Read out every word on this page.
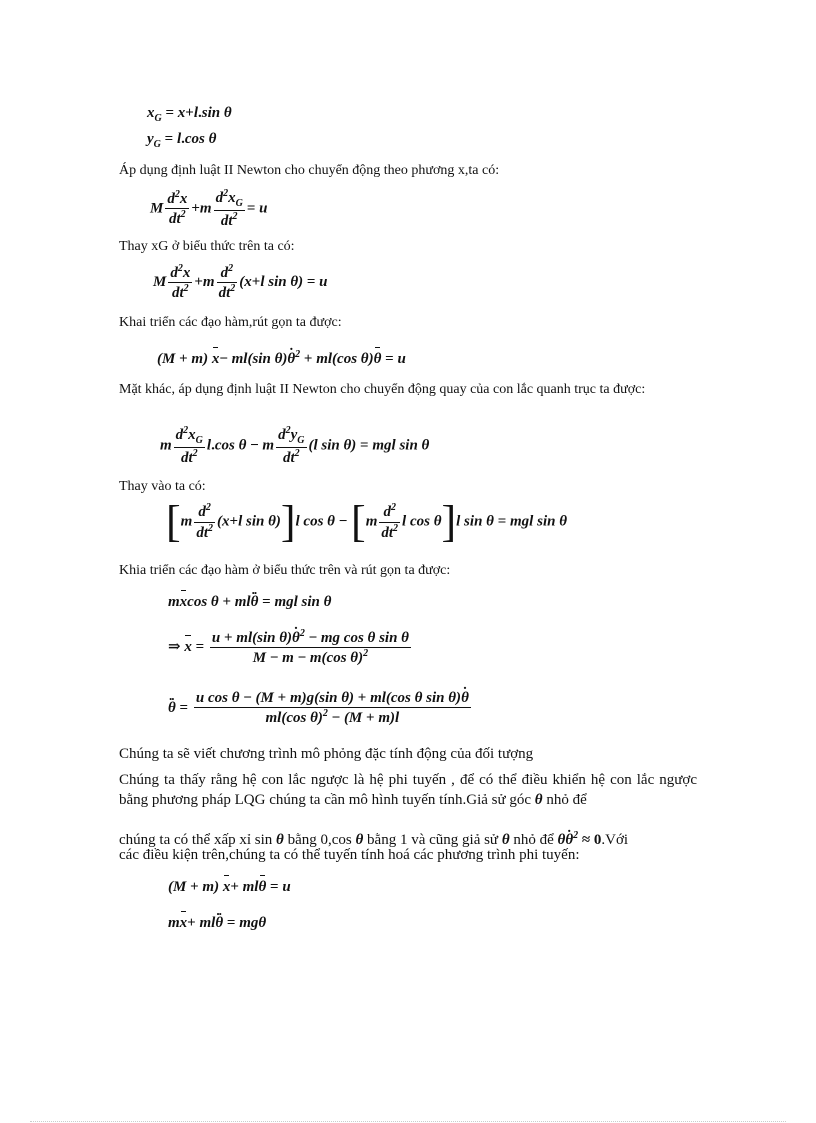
$x_G = x+l.\sin$ θ
$y_G = l.\cos$ θ

Áp dụng định luật II Newton cho chuyển động theo phương x,ta có:

M $\frac{d^2x}{dt^2} +m \frac{d^2x_G}{dt^2} = u$

Thay xG ở biểu thức trên ta có:

M $\frac{d^2x}{dt^2} +m \frac{d^2}{dt^2} (x+l$ sin θ) = u

Khai triển các đạo hàm,rút gọn ta được:

(M + m) x− ml(sin θ). $\theta^2 + ml(\cos$ θ)θ = u

Mặt khác, áp dụng định luật II Newton cho chuyển động quay của con lắc quanh trục ta được:

m $\frac{d^2x_G}{dt^2} l.\cos$ θ − m $\frac{d^2y_G}{dt^2} (l$ sin θ) = mgl sin θ

Thay vào ta có:

[$m \frac{d^2}{dt^2} (x+l$ sin θ)]l $\cos \theta - [m \frac{d^2}{dt^2}$ l cos θ]l sin θ = mgl sin θ

Khia triển các đạo hàm ở biểu thức trên và rút gọn ta được:

mxcos θ + ml.. θ = mgl sin θ
⇒ $x = \frac{u + ml(\sin \theta). \theta^2 - mg \cos \theta \sin \theta}{M - m - m(\cos \theta)^2}$
.. $\theta = \frac{\text{u cos θ − (M + m)g(sin θ) + ml(cos θ sin θ). θ}}{ml(\cos \theta)^2 - (M + m)l}$

Chúng ta sẽ viết chương trình mô phỏng đặc tính động của đối tượng

Chúng ta thấy rằng hệ con lắc ngược là hệ phi tuyến , để có thể điều khiển hệ con lắc ngược bằng phương pháp LQG chúng ta cần mô hình tuyến tính.Giả sử góc θ nhỏ để

chúng ta có thể xấp xỉ sin θ bằng 0,cos θ bằng 1 và cũng giả sử θ nhỏ để θ. $\theta^2$ ≈ 0.Với

các điều kiện trên,chúng ta có thể tuyến tính hoá các phương trình phi tuyến:

(M + m) x+ mlθ = u
mx+ ml.. θ = mgθ
